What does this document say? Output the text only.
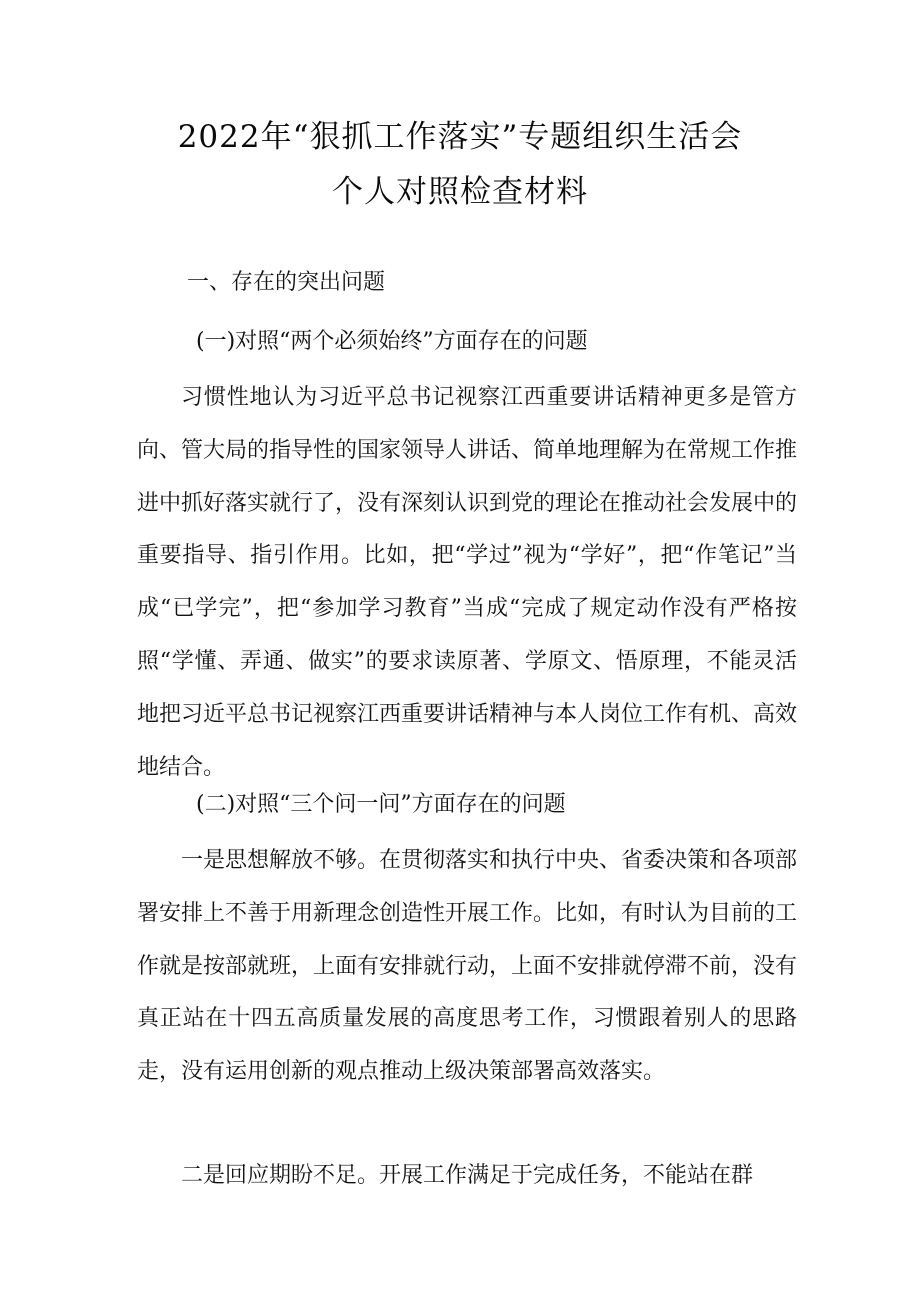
2022年“狠抓工作落实”专题组织生活会
个人对照检查材料
一、存在的突出问题
(一)对照“两个必须始终”方面存在的问题

习惯性地认为习近平总书记视察江西重要讲话精神更多是管方向、管大局的指导性的国家领导人讲话、简单地理解为在常规工作推进中抓好落实就行了，没有深刻认识到党的理论在推动社会发展中的重要指导、指引作用。比如，把“学过”视为“学好”，把“作笔记”当成“已学完”，把“参加学习教育”当成“完成了规定动作没有严格按照“学懂、弄通、做实”的要求读原著、学原文、悟原理，不能灵活地把习近平总书记视察江西重要讲话精神与本人岗位工作有机、高效地结合。

(二)对照“三个问一问”方面存在的问题

一是思想解放不够。在贯彻落实和执行中央、省委决策和各项部署安排上不善于用新理念创造性开展工作。比如，有时认为目前的工作就是按部就班，上面有安排就行动，上面不安排就停滞不前，没有真正站在十四五高质量发展的高度思考工作，习惯跟着别人的思路走，没有运用创新的观点推动上级决策部署高效落实。

二是回应期盼不足。开展工作满足于完成任务，不能站在群
